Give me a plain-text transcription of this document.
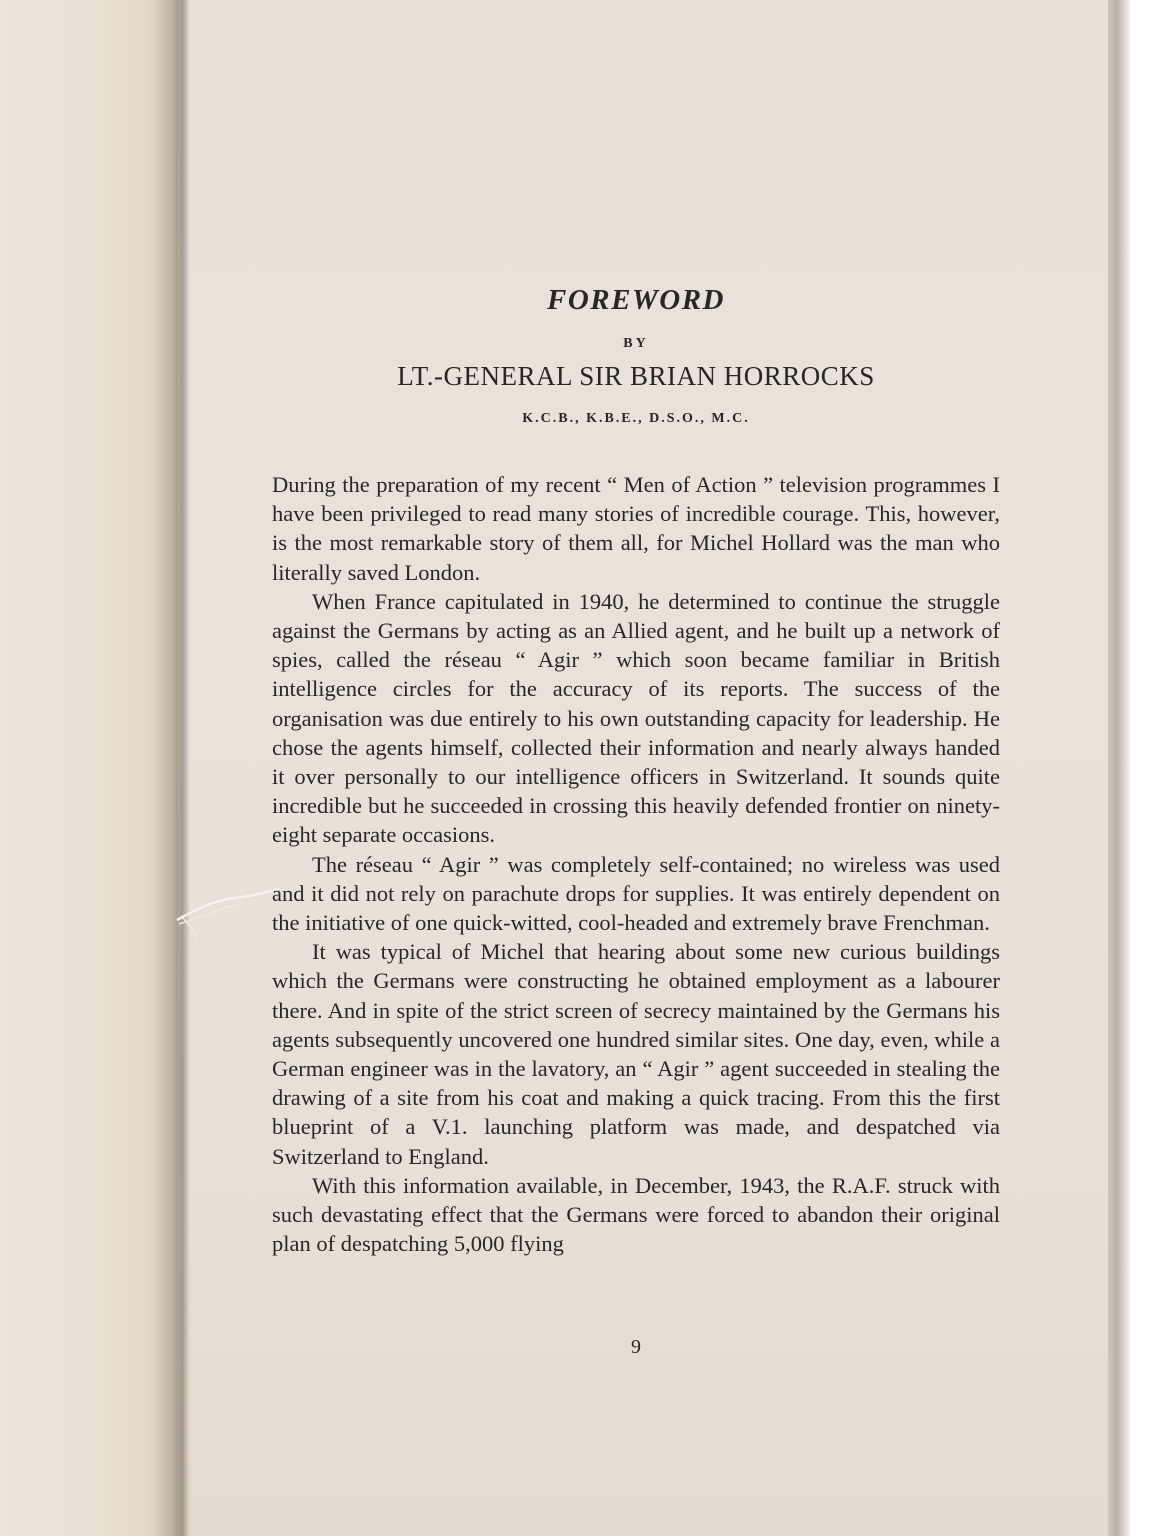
FOREWORD
BY
LT.-GENERAL SIR BRIAN HORROCKS
K.C.B., K.B.E., D.S.O., M.C.

During the preparation of my recent “ Men of Action ” television programmes I have been privileged to read many stories of incredible courage. This, however, is the most remarkable story of them all, for Michel Hollard was the man who literally saved London.

When France capitulated in 1940, he determined to continue the struggle against the Germans by acting as an Allied agent, and he built up a network of spies, called the réseau “ Agir ” which soon became familiar in British intelligence circles for the accuracy of its reports. The success of the organisation was due entirely to his own outstanding capacity for leadership. He chose the agents himself, collected their information and nearly always handed it over personally to our intelligence officers in Switzerland. It sounds quite incredible but he succeeded in crossing this heavily defended frontier on ninety-eight separate occasions.

The réseau “ Agir ” was completely self-contained; no wireless was used and it did not rely on parachute drops for supplies. It was entirely dependent on the initiative of one quick-witted, cool-headed and extremely brave Frenchman.

It was typical of Michel that hearing about some new curious buildings which the Germans were constructing he obtained employment as a labourer there. And in spite of the strict screen of secrecy maintained by the Germans his agents subsequently uncovered one hundred similar sites. One day, even, while a German engineer was in the lavatory, an “ Agir ” agent succeeded in stealing the drawing of a site from his coat and making a quick tracing. From this the first blueprint of a V.1. launching platform was made, and despatched via Switzerland to England.

With this information available, in December, 1943, the R.A.F. struck with such devastating effect that the Germans were forced to abandon their original plan of despatching 5,000 flying

9
